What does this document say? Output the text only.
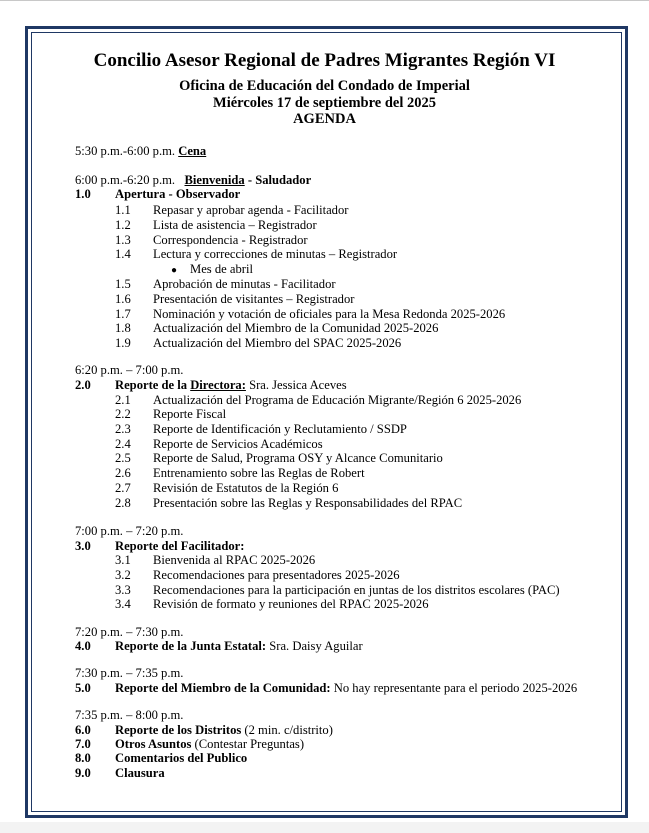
Concilio Asesor Regional de Padres Migrantes Región VI
Oficina de Educación del Condado de Imperial
Miércoles 17 de septiembre del 2025
AGENDA
5:30 p.m.-6:00 p.m. Cena
6:00 p.m.-6:20 p.m. Bienvenida - Saludador
1.0 Apertura - Observador
1.1 Repasar y aprobar agenda - Facilitador
1.2 Lista de asistencia – Registrador
1.3 Correspondencia - Registrador
1.4 Lectura y correcciones de minutas – Registrador
1.5 Aprobación de minutas - Facilitador
1.6 Presentación de visitantes – Registrador
1.7 Nominación y votación de oficiales para la Mesa Redonda 2025-2026
1.8 Actualización del Miembro de la Comunidad 2025-2026
1.9 Actualización del Miembro del SPAC 2025-2026
● Mes de abril
6:20 p.m. – 7:00 p.m.
2.0 Reporte de la Directora: Sra. Jessica Aceves
2.1 Actualización del Programa de Educación Migrante/Región 6 2025-2026
2.2 Reporte Fiscal
2.3 Reporte de Identificación y Reclutamiento / SSDP
2.4 Reporte de Servicios Académicos
2.5 Reporte de Salud, Programa OSY y Alcance Comunitario
2.6 Entrenamiento sobre las Reglas de Robert
2.7 Revisión de Estatutos de la Región 6
2.8 Presentación sobre las Reglas y Responsabilidades del RPAC
7:00 p.m. – 7:20 p.m.
3.0 Reporte del Facilitador:
3.1 Bienvenida al RPAC 2025-2026
3.2 Recomendaciones para presentadores 2025-2026
3.3 Recomendaciones para la participación en juntas de los distritos escolares (PAC)
3.4 Revisión de formato y reuniones del RPAC 2025-2026
7:20 p.m. – 7:30 p.m.
4.0 Reporte de la Junta Estatal: Sra. Daisy Aguilar
7:30 p.m. – 7:35 p.m.
5.0 Reporte del Miembro de la Comunidad: No hay representante para el periodo 2025-2026
7:35 p.m. – 8:00 p.m.
6.0 Reporte de los Distritos (2 min. c/distrito)
7.0 Otros Asuntos (Contestar Preguntas)
8.0 Comentarios del Publico
9.0 Clausura
